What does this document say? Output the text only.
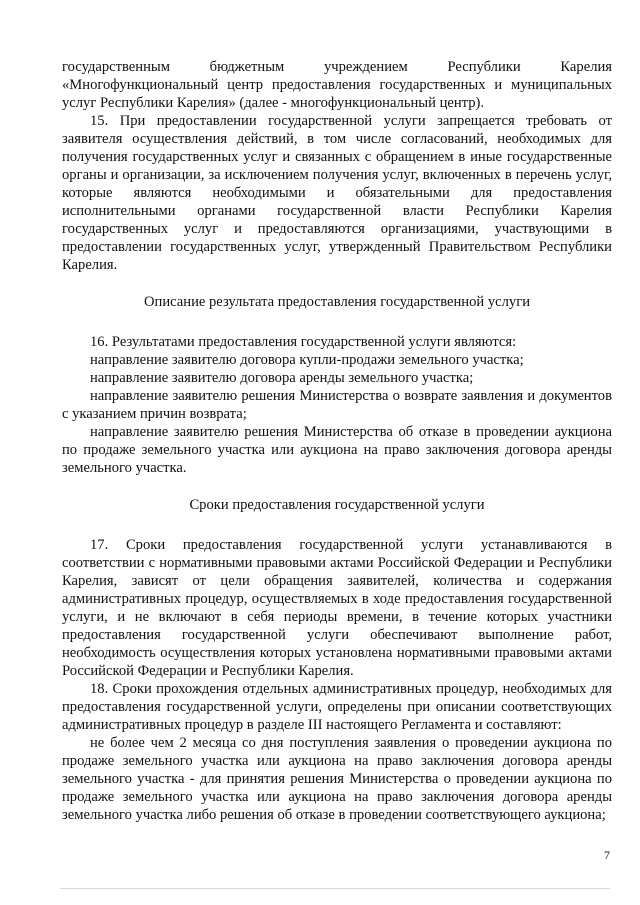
государственным бюджетным учреждением Республики Карелия «Многофункциональный центр предоставления государственных и муниципальных услуг Республики Карелия» (далее - многофункциональный центр).

15. При предоставлении государственной услуги запрещается требовать от заявителя осуществления действий, в том числе согласований, необходимых для получения государственных услуг и связанных с обращением в иные государственные органы и организации, за исключением получения услуг, включенных в перечень услуг, которые являются необходимыми и обязательными для предоставления исполнительными органами государственной власти Республики Карелия государственных услуг и предоставляются организациями, участвующими в предоставлении государственных услуг, утвержденный Правительством Республики Карелия.

Описание результата предоставления государственной услуги

16. Результатами предоставления государственной услуги являются:

направление заявителю договора купли-продажи земельного участка;

направление заявителю договора аренды земельного участка;

направление заявителю решения Министерства о возврате заявления и документов с указанием причин возврата;

направление заявителю решения Министерства об отказе в проведении аукциона по продаже земельного участка или аукциона на право заключения договора аренды земельного участка.

Сроки предоставления государственной услуги

17. Сроки предоставления государственной услуги устанавливаются в соответствии с нормативными правовыми актами Российской Федерации и Республики Карелия, зависят от цели обращения заявителей, количества и содержания административных процедур, осуществляемых в ходе предоставления государственной услуги, и не включают в себя периоды времени, в течение которых участники предоставления государственной услуги обеспечивают выполнение работ, необходимость осуществления которых установлена нормативными правовыми актами Российской Федерации и Республики Карелия.

18. Сроки прохождения отдельных административных процедур, необходимых для предоставления государственной услуги, определены при описании соответствующих административных процедур в разделе III настоящего Регламента и составляют:

не более чем 2 месяца со дня поступления заявления о проведении аукциона по продаже земельного участка или аукциона на право заключения договора аренды земельного участка - для принятия решения Министерства о проведении аукциона по продаже земельного участка или аукциона на право заключения договора аренды земельного участка либо решения об отказе в проведении соответствующего аукциона;

7
